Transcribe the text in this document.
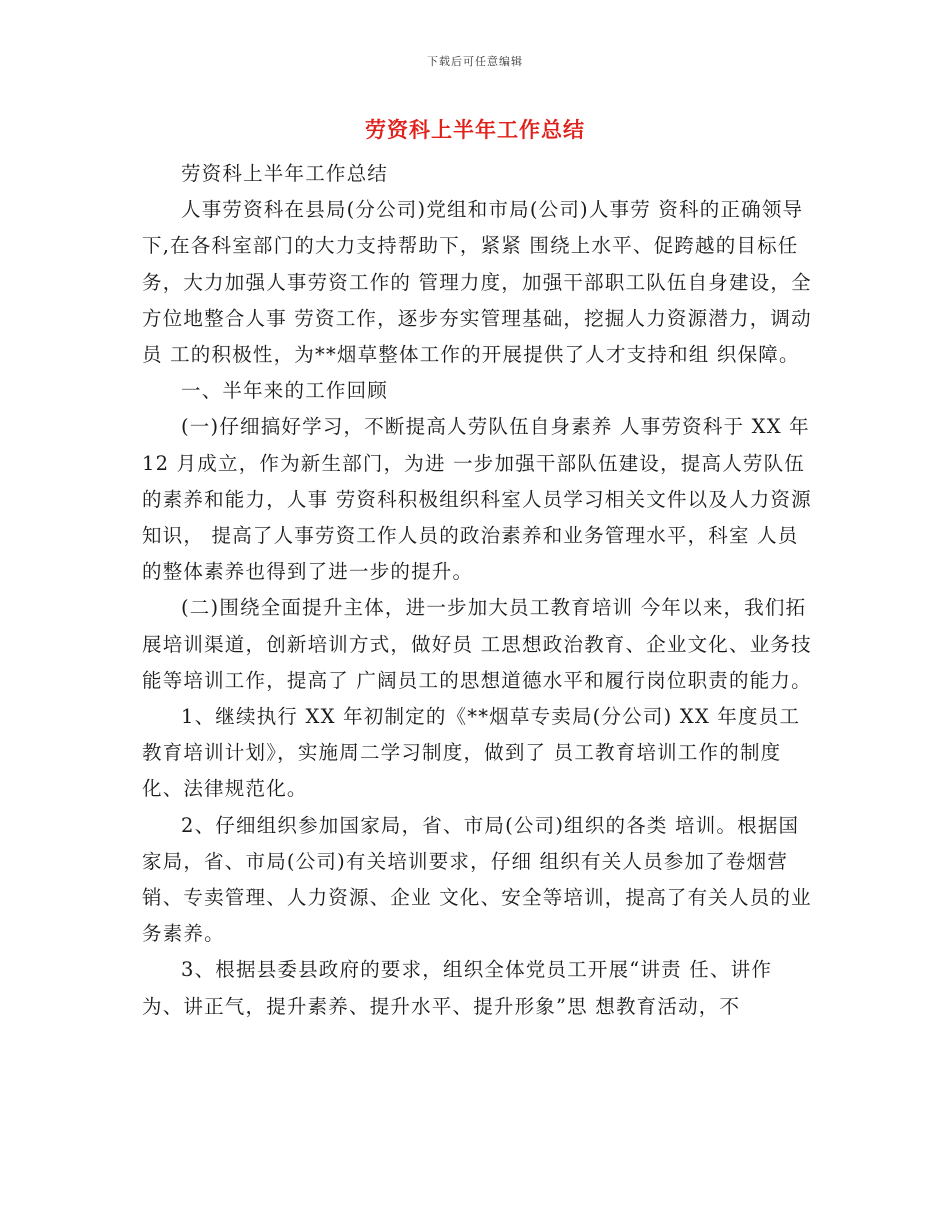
下载后可任意编辑
劳资科上半年工作总结

劳资科上半年工作总结

人事劳资科在县局(分公司)党组和市局(公司)人事劳 资科的正确领导下,在各科室部门的大力支持帮助下，紧紧 围绕上水平、促跨越的目标任务，大力加强人事劳资工作的 管理力度，加强干部职工队伍自身建设，全方位地整合人事 劳资工作，逐步夯实管理基础，挖掘人力资源潜力，调动员 工的积极性，为**烟草整体工作的开展提供了人才支持和组 织保障。

一、半年来的工作回顾

(一)仔细搞好学习，不断提高人劳队伍自身素养 人事劳资科于 XX 年 12 月成立，作为新生部门，为进 一步加强干部队伍建设，提高人劳队伍的素养和能力，人事 劳资科积极组织科室人员学习相关文件以及人力资源知识， 提高了人事劳资工作人员的政治素养和业务管理水平，科室 人员的整体素养也得到了进一步的提升。

(二)围绕全面提升主体，进一步加大员工教育培训 今年以来，我们拓展培训渠道，创新培训方式，做好员 工思想政治教育、企业文化、业务技能等培训工作，提高了 广阔员工的思想道德水平和履行岗位职责的能力。

1、继续执行 XX 年初制定的《**烟草专卖局(分公司) XX 年度员工教育培训计划》，实施周二学习制度，做到了 员工教育培训工作的制度化、法律规范化。

2、仔细组织参加国家局，省、市局(公司)组织的各类 培训。根据国家局，省、市局(公司)有关培训要求，仔细 组织有关人员参加了卷烟营销、专卖管理、人力资源、企业 文化、安全等培训，提高了有关人员的业务素养。

3、根据县委县政府的要求，组织全体党员工开展“讲责 任、讲作为、讲正气，提升素养、提升水平、提升形象”思 想教育活动，不
